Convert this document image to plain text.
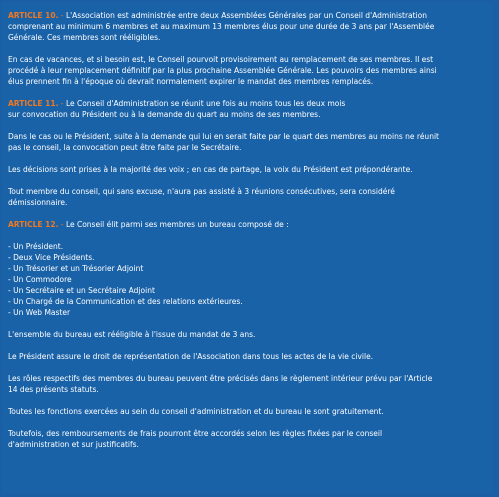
ARTICLE 10. - L'Association est administrée entre deux Assemblées Générales par un Conseil d'Administration
comprenant au minimum 6 membres et au maximum 13 membres élus pour une durée de 3 ans par l'Assemblée
Générale. Ces membres sont rééligibles.

En cas de vacances, et si besoin est, le Conseil pourvoit provisoirement au remplacement de ses membres. Il est
procédé à leur remplacement définitif par la plus prochaine Assemblée Générale. Les pouvoirs des membres ainsi
élus prennent fin à l'époque où devrait normalement expirer le mandat des membres remplacés.

ARTICLE 11. - Le Conseil d'Administration se réunit une fois au moins tous les deux mois
sur convocation du Président ou à la demande du quart au moins de ses membres.

Dans le cas ou le Président, suite à la demande qui lui en serait faite par le quart des membres au moins ne réunit
pas le conseil, la convocation peut être faite par le Secrétaire.

Les décisions sont prises à la majorité des voix ; en cas de partage, la voix du Président est prépondérante.

Tout membre du conseil, qui sans excuse, n'aura pas assisté à 3 réunions consécutives, sera considéré
démissionnaire.

ARTICLE 12. - Le Conseil élit parmi ses membres un bureau composé de :

- Un Président.
- Deux Vice Présidents.
- Un Trésorier et un Trésorier Adjoint
- Un Commodore
- Un Secrétaire et un Secrétaire Adjoint
- Un Chargé de la Communication et des relations extérieures.
- Un Web Master

L'ensemble du bureau est rééligible à l'issue du mandat de 3 ans.

Le Président assure le droit de représentation de l'Association dans tous les actes de la vie civile.

Les rôles respectifs des membres du bureau peuvent être précisés dans le règlement intérieur prévu par l'Article
14 des présents statuts.

Toutes les fonctions exercées au sein du conseil d'administration et du bureau le sont gratuitement.

Toutefois, des remboursements de frais pourront être accordés selon les règles fixées par le conseil
d'administration et sur justificatifs.
